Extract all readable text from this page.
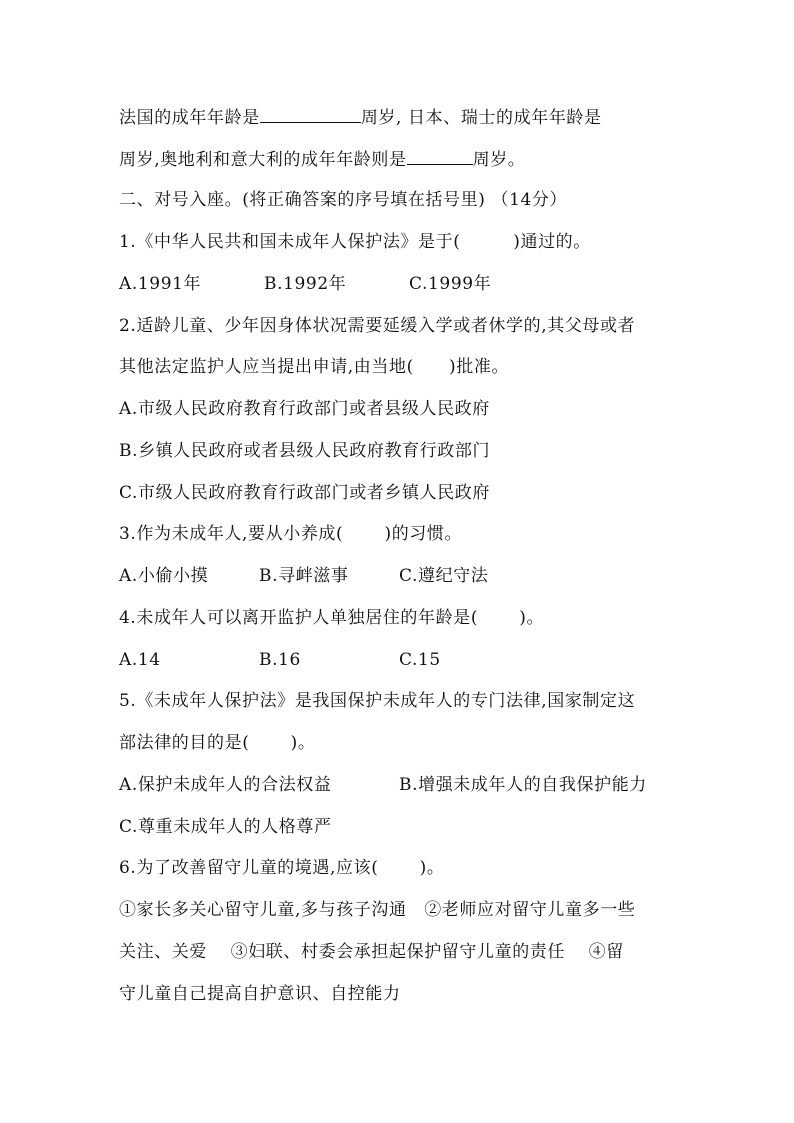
法国的成年年龄是	周岁, 日本、瑞士的成年年龄是
周岁,奥地利和意大利的成年年龄则是	周岁。
二、对号入座。(将正确答案的序号填在括号里) （14分）
1.《中华人民共和国未成年人保护法》是于(　　　)通过的。
A.1991年	B.1992年	C.1999年
2.适龄儿童、少年因身体状况需要延缓入学或者休学的,其父母或者
其他法定监护人应当提出申请,由当地(　　)批准。
A.市级人民政府教育行政部门或者县级人民政府
B.乡镇人民政府或者县级人民政府教育行政部门
C.市级人民政府教育行政部门或者乡镇人民政府
3.作为未成年人,要从小养成(　　 )的习惯。
A.小偷小摸	B.寻衅滋事	C.遵纪守法
4.未成年人可以离开监护人单独居住的年龄是(　　 )。
A.14	B.16	C.15
5.《未成年人保护法》是我国保护未成年人的专门法律,国家制定这
部法律的目的是(　　 )。
A.保护未成年人的合法权益	B.增强未成年人的自我保护能力
C.尊重未成年人的人格尊严
6.为了改善留守儿童的境遇,应该(　　 )。
①家长多关心留守儿童,多与孩子沟通　②老师应对留守儿童多一些
关注、关爱　 ③妇联、村委会承担起保护留守儿童的责任　 ④留
守儿童自己提高自护意识、自控能力
